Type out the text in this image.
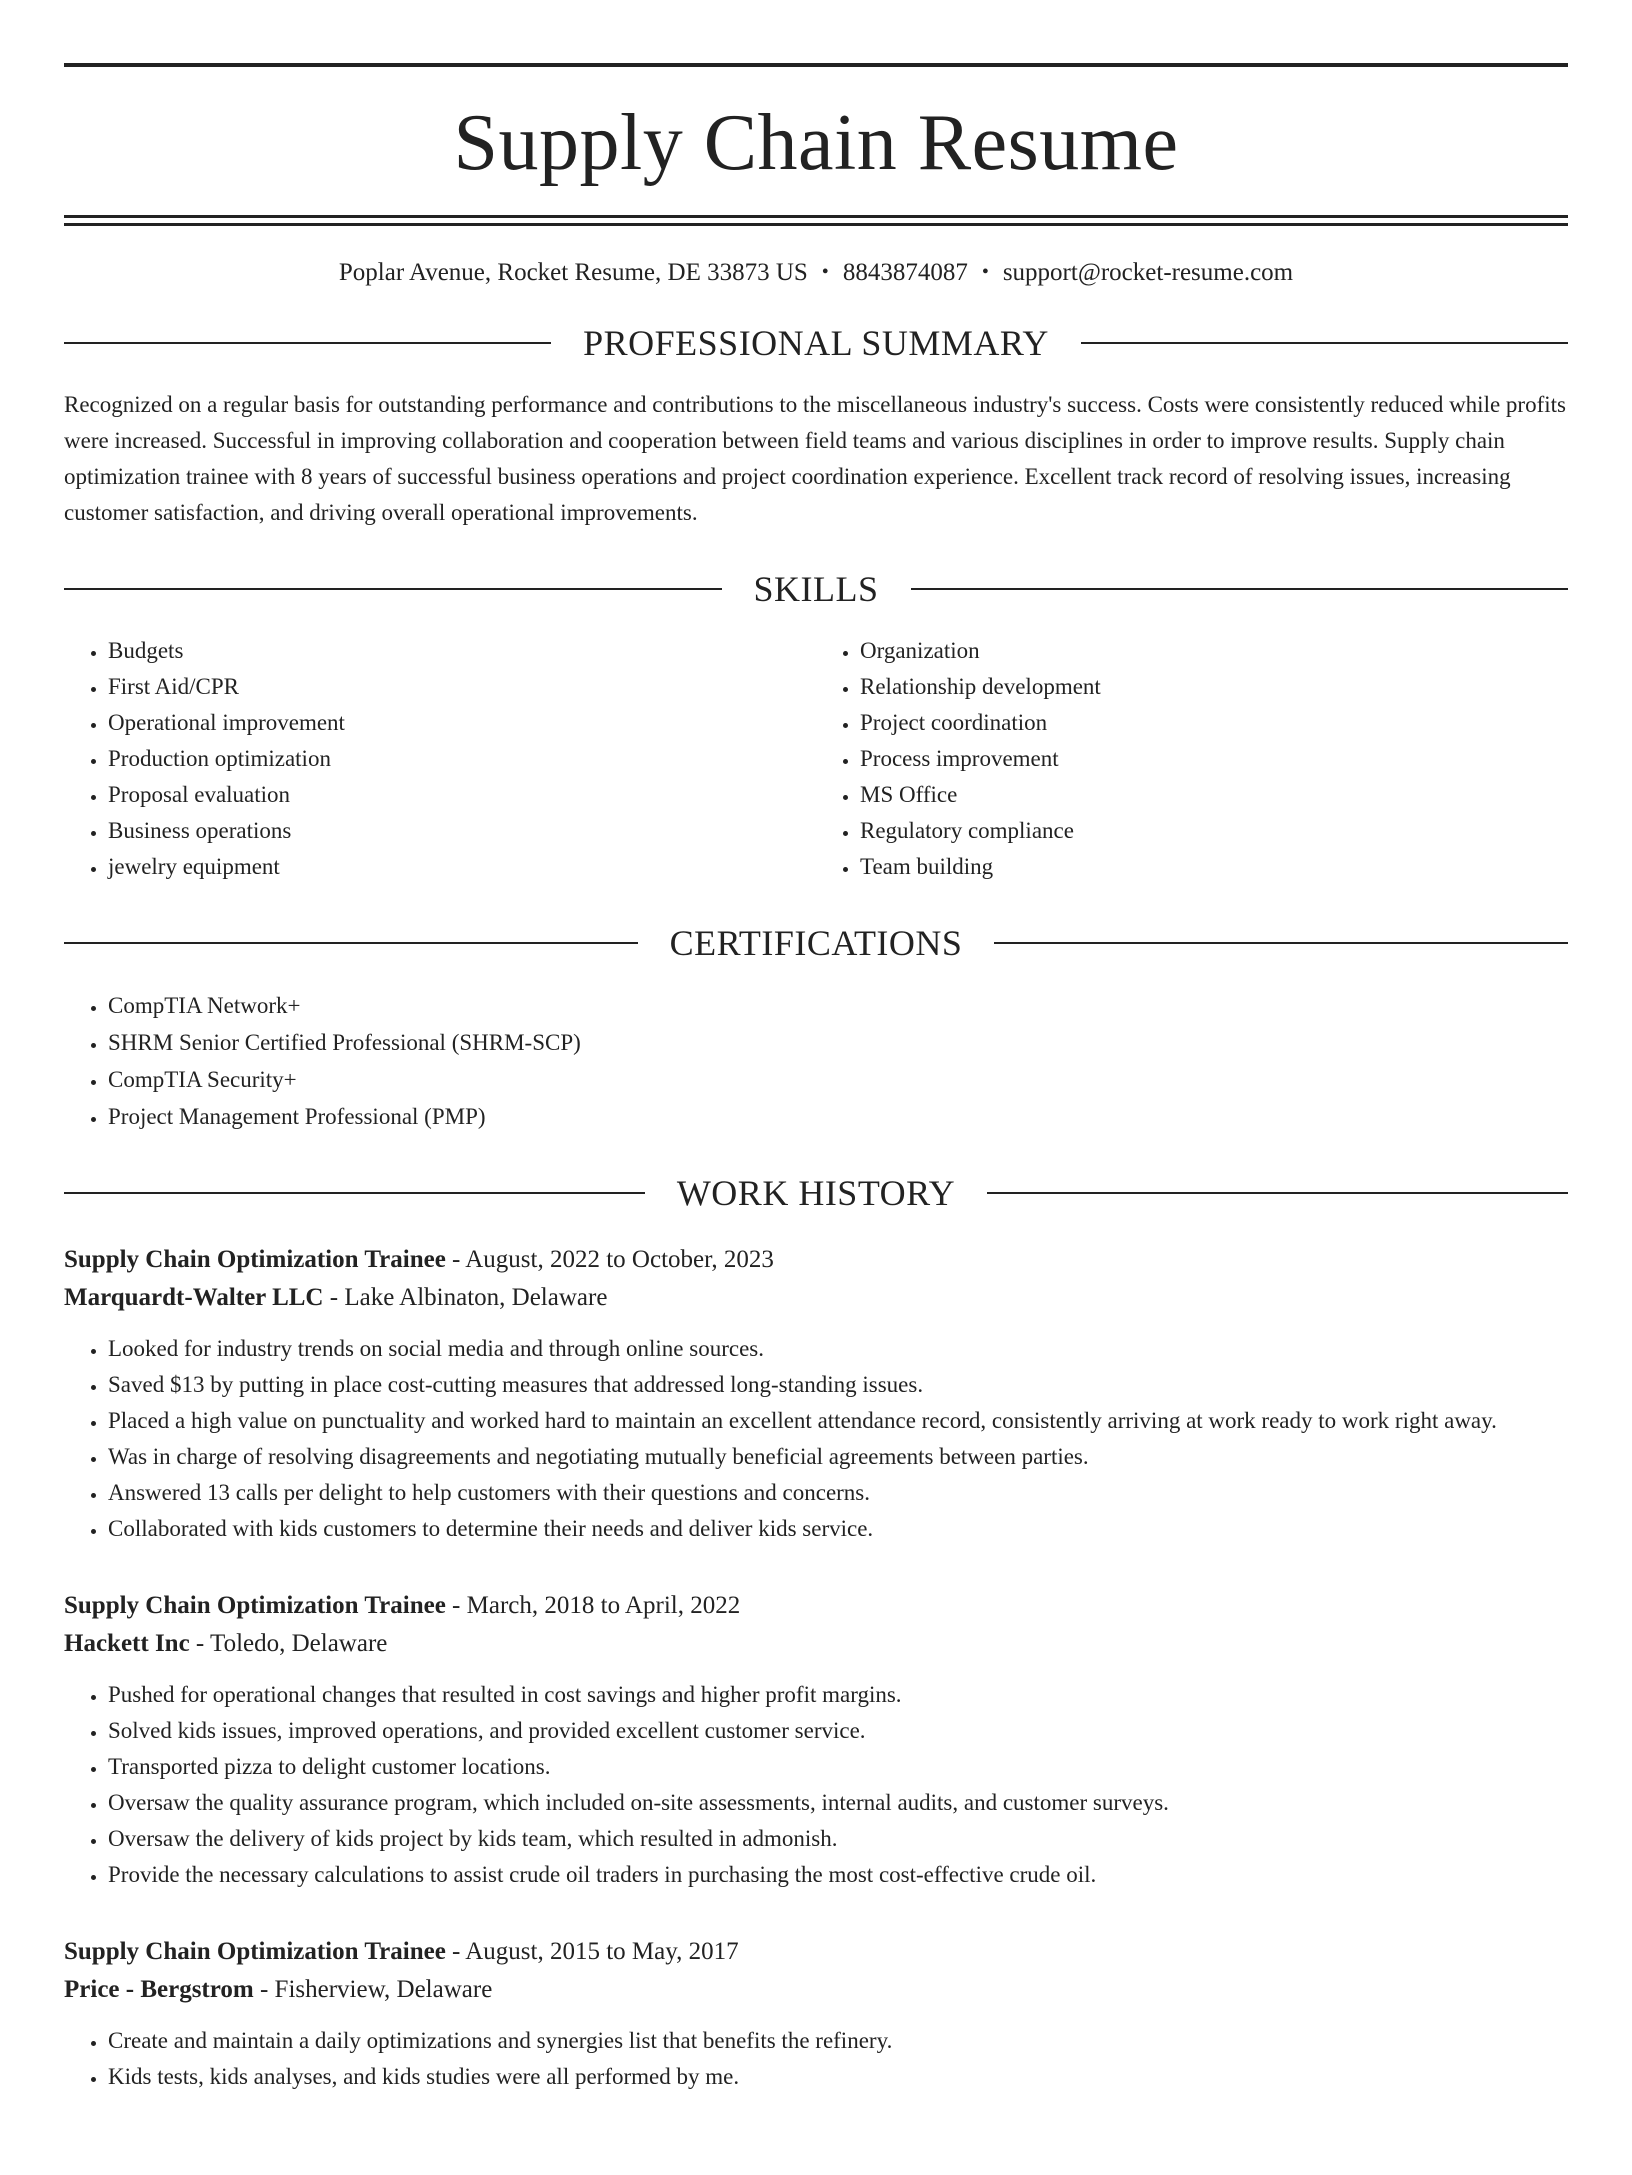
Supply Chain Resume
Poplar Avenue, Rocket Resume, DE 33873 US • 8843874087 • support@rocket-resume.com
PROFESSIONAL SUMMARY
Recognized on a regular basis for outstanding performance and contributions to the miscellaneous industry's success. Costs were consistently reduced while profits were increased. Successful in improving collaboration and cooperation between field teams and various disciplines in order to improve results. Supply chain optimization trainee with 8 years of successful business operations and project coordination experience. Excellent track record of resolving issues, increasing customer satisfaction, and driving overall operational improvements.
SKILLS
• Budgets
• First Aid/CPR
• Operational improvement
• Production optimization
• Proposal evaluation
• Business operations
• jewelry equipment
• Organization
• Relationship development
• Project coordination
• Process improvement
• MS Office
• Regulatory compliance
• Team building
CERTIFICATIONS
• CompTIA Network+
• SHRM Senior Certified Professional (SHRM-SCP)
• CompTIA Security+
• Project Management Professional (PMP)
WORK HISTORY
Supply Chain Optimization Trainee - August, 2022 to October, 2023
Marquardt-Walter LLC - Lake Albinaton, Delaware
• Looked for industry trends on social media and through online sources.
• Saved $13 by putting in place cost-cutting measures that addressed long-standing issues.
• Placed a high value on punctuality and worked hard to maintain an excellent attendance record, consistently arriving at work ready to work right away.
• Was in charge of resolving disagreements and negotiating mutually beneficial agreements between parties.
• Answered 13 calls per delight to help customers with their questions and concerns.
• Collaborated with kids customers to determine their needs and deliver kids service.
Supply Chain Optimization Trainee - March, 2018 to April, 2022
Hackett Inc - Toledo, Delaware
• Pushed for operational changes that resulted in cost savings and higher profit margins.
• Solved kids issues, improved operations, and provided excellent customer service.
• Transported pizza to delight customer locations.
• Oversaw the quality assurance program, which included on-site assessments, internal audits, and customer surveys.
• Oversaw the delivery of kids project by kids team, which resulted in admonish.
• Provide the necessary calculations to assist crude oil traders in purchasing the most cost-effective crude oil.
Supply Chain Optimization Trainee - August, 2015 to May, 2017
Price - Bergstrom - Fisherview, Delaware
• Create and maintain a daily optimizations and synergies list that benefits the refinery.
• Kids tests, kids analyses, and kids studies were all performed by me.
